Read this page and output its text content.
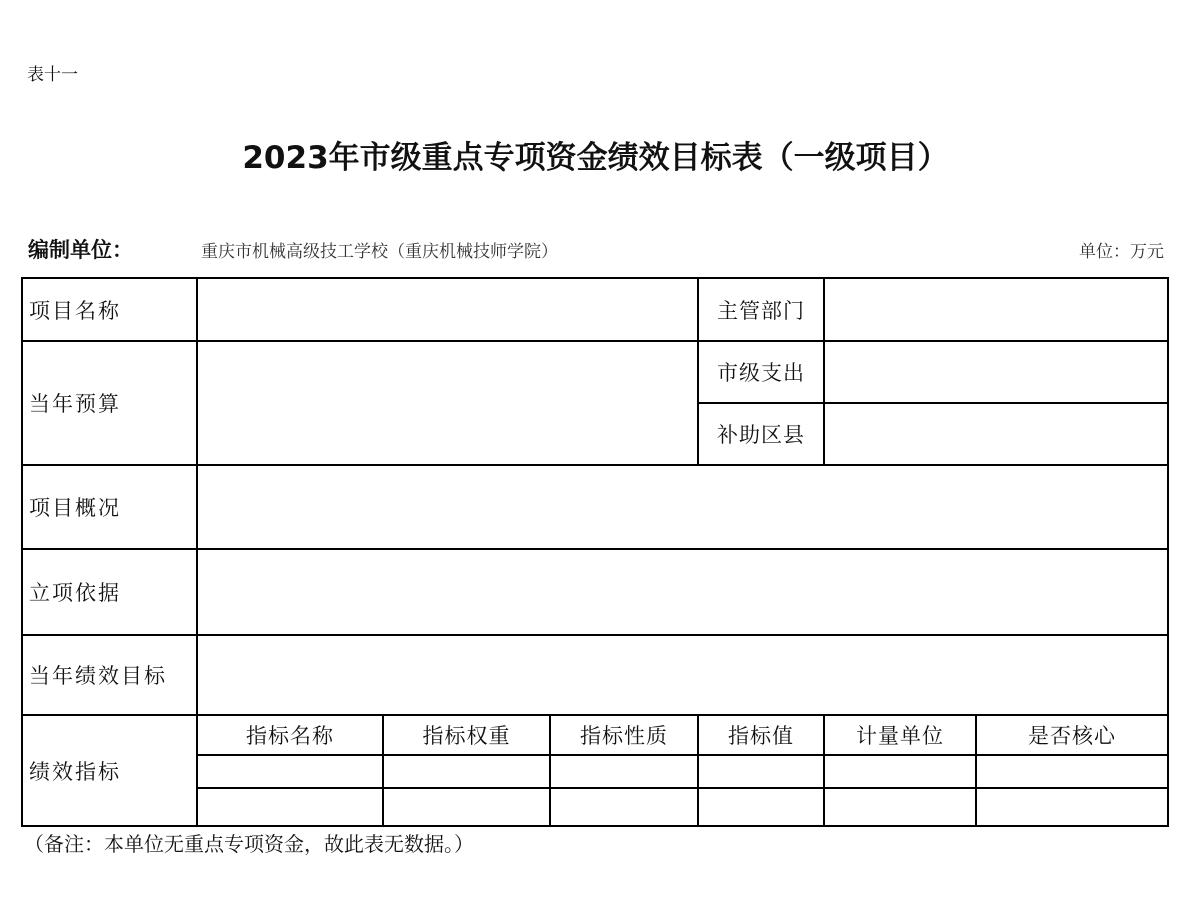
表十一
2023年市级重点专项资金绩效目标表（一级项目）
编制单位：	重庆市机械高级技工学校（重庆机械技师学院）	单位：万元
项目名称				主管部门		
当年预算				市级支出		
				补助区县		
项目概况						
立项依据						
当年绩效目标						
绩效指标	指标名称	指标权重	指标性质	指标值	计量单位	是否核心

（备注：本单位无重点专项资金，故此表无数据。）
